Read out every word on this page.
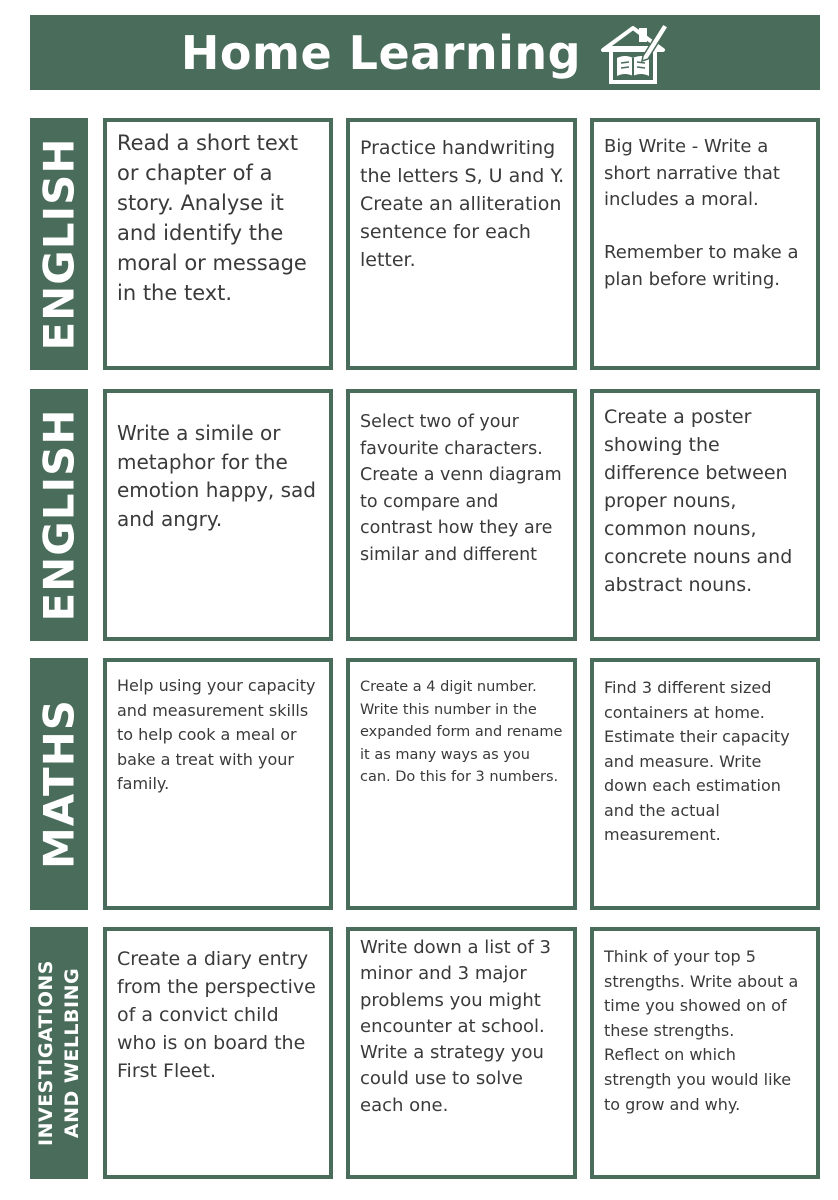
Home Learning
ENGLISH	Read a short text or chapter of a story. Analyse it and identify the moral or message in the text.
Practice handwriting the letters S, U and Y. Create an alliteration sentence for each letter.
Big Write - Write a short narrative that includes a moral.

Remember to make a plan before writing.
ENGLISH	Write a simile or metaphor for the emotion happy, sad and angry.
Select two of your favourite characters. Create a venn diagram to compare and contrast how they are similar and different
Create a poster showing the difference between proper nouns, common nouns, concrete nouns and abstract nouns.
MATHS
Help using your capacity and measurement skills to help cook a meal or bake a treat with your family.
Create a 4 digit number. Write this number in the expanded form and rename it as many ways as you can. Do this for 3 numbers.
Find 3 different sized containers at home. Estimate their capacity and measure. Write down each estimation and the actual measurement.
INVESTIGATIONS
AND WELLBING
Create a diary entry from the perspective of a convict child who is on board the First Fleet.
Write down a list of 3 minor and 3 major problems you might encounter at school. Write a strategy you could use to solve each one.
Think of your top 5 strengths. Write about a time you showed on of these strengths.
Reflect on which strength you would like to grow and why.
